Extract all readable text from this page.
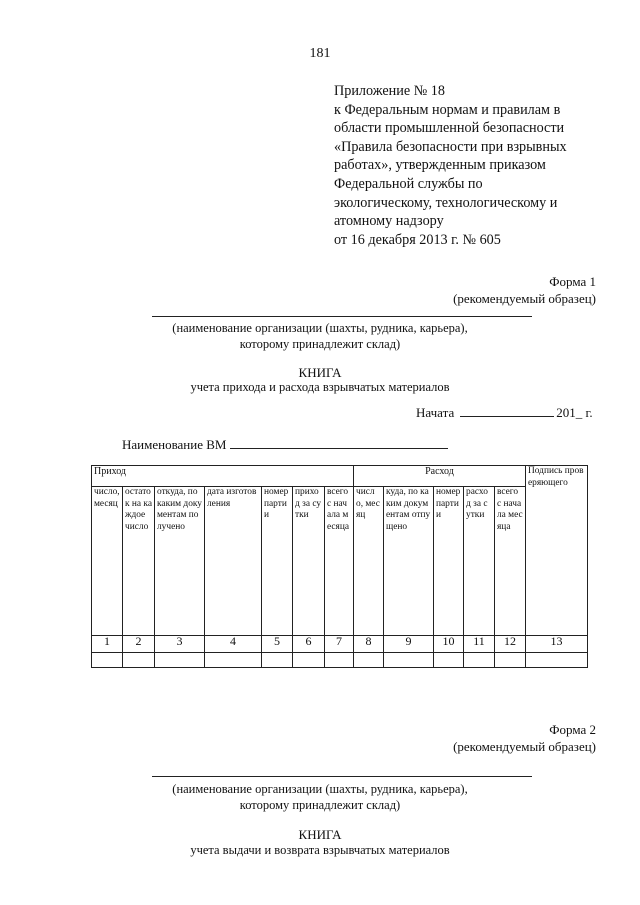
181
Приложение № 18
к Федеральным нормам и правилам в
области промышленной безопасности
«Правила безопасности при взрывных
работах», утвержденным приказом
Федеральной службы по
экологическому, технологическому и
атомному надзору
от 16 декабря 2013 г. № 605
Форма 1
(рекомендуемый образец)
(наименование организации (шахты, рудника, карьера),
которому принадлежит склад)
КНИГА
учета прихода и расхода взрывчатых материалов
Начата	201_ г.
Наименование ВМ
Приход							Расход					Подпись проверяющего
число, месяц	остаток на каждое число	откуда, по каким документам получено	дата изготовления	номер партии	приход за сутки	всего с начала месяца	число, месяц	куда, по каким документам отпущено	номер партии	расход за сутки	всего с начала месяца	
1	2	3	4	5	6	7	8	9	10	11	12	13

Форма 2
(рекомендуемый образец)
(наименование организации (шахты, рудника, карьера),
которому принадлежит склад)
КНИГА
учета выдачи и возврата взрывчатых материалов
